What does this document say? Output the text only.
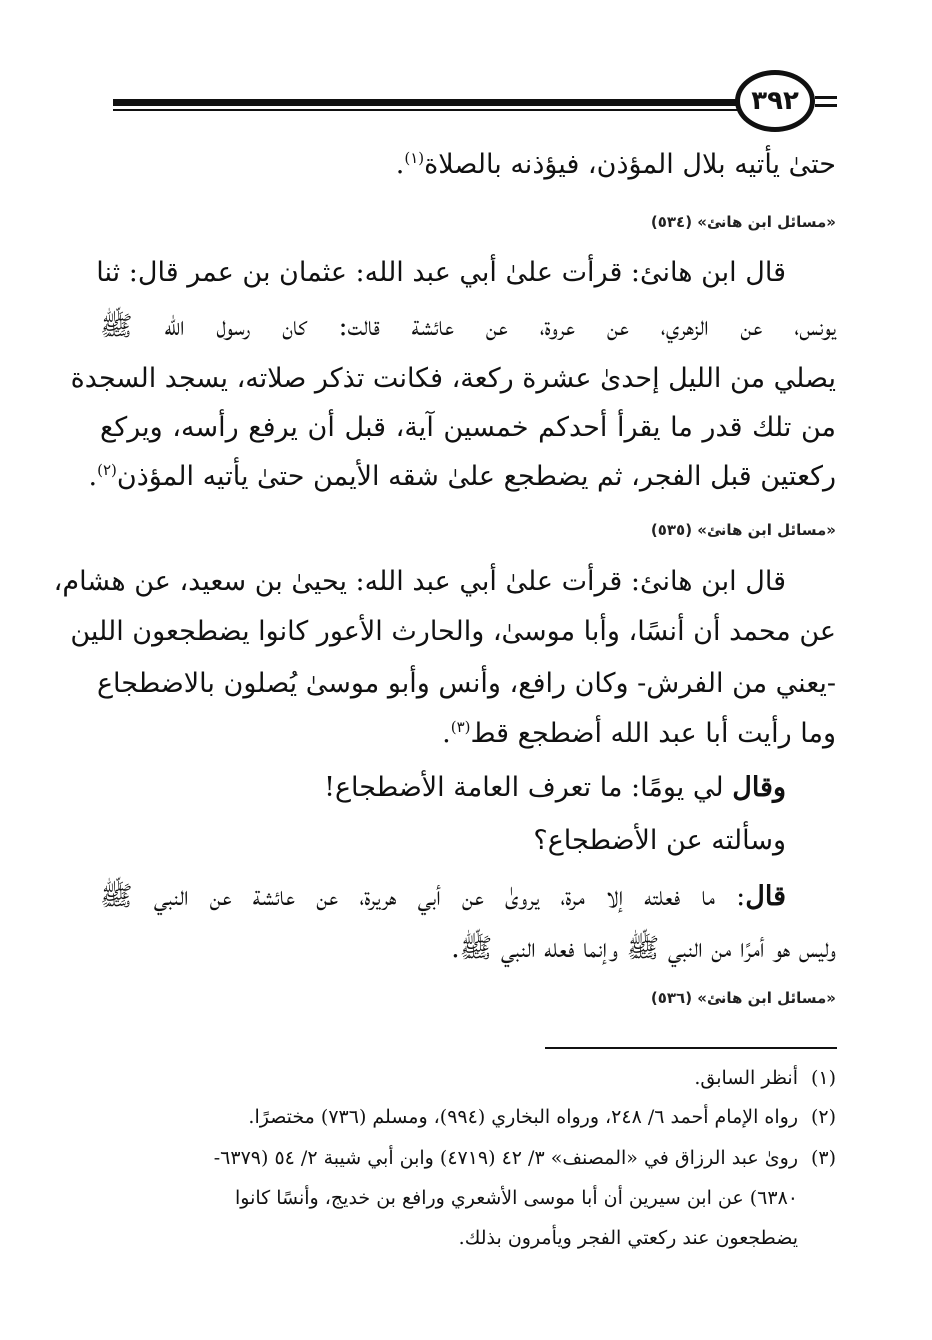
٣٩٢
حتىٰ يأتيه بلال المؤذن، فيؤذنه بالصلاة$^{(١)}$.
«مسائل ابن هانئ» (٥٣٤)
قال ابن هانئ: قرأت علىٰ أبي عبد الله: عثمان بن عمر قال: ثنا
يونس، عن الزهري، عن عروة، عن عائشة قالت: كان رسول الله ﷺ
يصلي من الليل إحدىٰ عشرة ركعة، فكانت تذكر صلاته، يسجد السجدة
من تلك قدر ما يقرأ أحدكم خمسين آية، قبل أن يرفع رأسه، ويركع
ركعتين قبل الفجر، ثم يضطجع علىٰ شقه الأيمن حتىٰ يأتيه المؤذن$^{(٢)}$.
«مسائل ابن هانئ» (٥٣٥)
قال ابن هانئ: قرأت علىٰ أبي عبد الله: يحيىٰ بن سعيد، عن هشام،
عن محمد أن أنسًا، وأبا موسىٰ، والحارث الأعور كانوا يضطجعون اللين
-يعني من الفرش- وكان رافع، وأنس وأبو موسىٰ يُصلون بالاضطجاع
وما رأيت أبا عبد الله أضطجع قط$^{(٣)}$.
وقال لي يومًا: ما تعرف العامة الأضطجاع!
وسألته عن الأضطجاع؟
قال: ما فعلته إلا مرة، يروىٰ عن أبي هريرة، عن عائشة عن النبي ﷺ
وليس هو أمرًا من النبي ﷺ وإنما فعله النبي ﷺ.
«مسائل ابن هانئ» (٥٣٦)
(١)أنظر السابق.
(٢)رواه الإمام أحمد ٦/ ٢٤٨، ورواه البخاري (٩٩٤)، ومسلم (٧٣٦) مختصرًا.
(٣)روىٰ عبد الرزاق في «المصنف» ٣/ ٤٢ (٤٧١٩) وابن أبي شيبة ٢/ ٥٤ (٦٣٧٩-
٦٣٨٠) عن ابن سيرين أن أبا موسى الأشعري ورافع بن خديج، وأنسًا كانوا
يضطجعون عند ركعتي الفجر ويأمرون بذلك.
